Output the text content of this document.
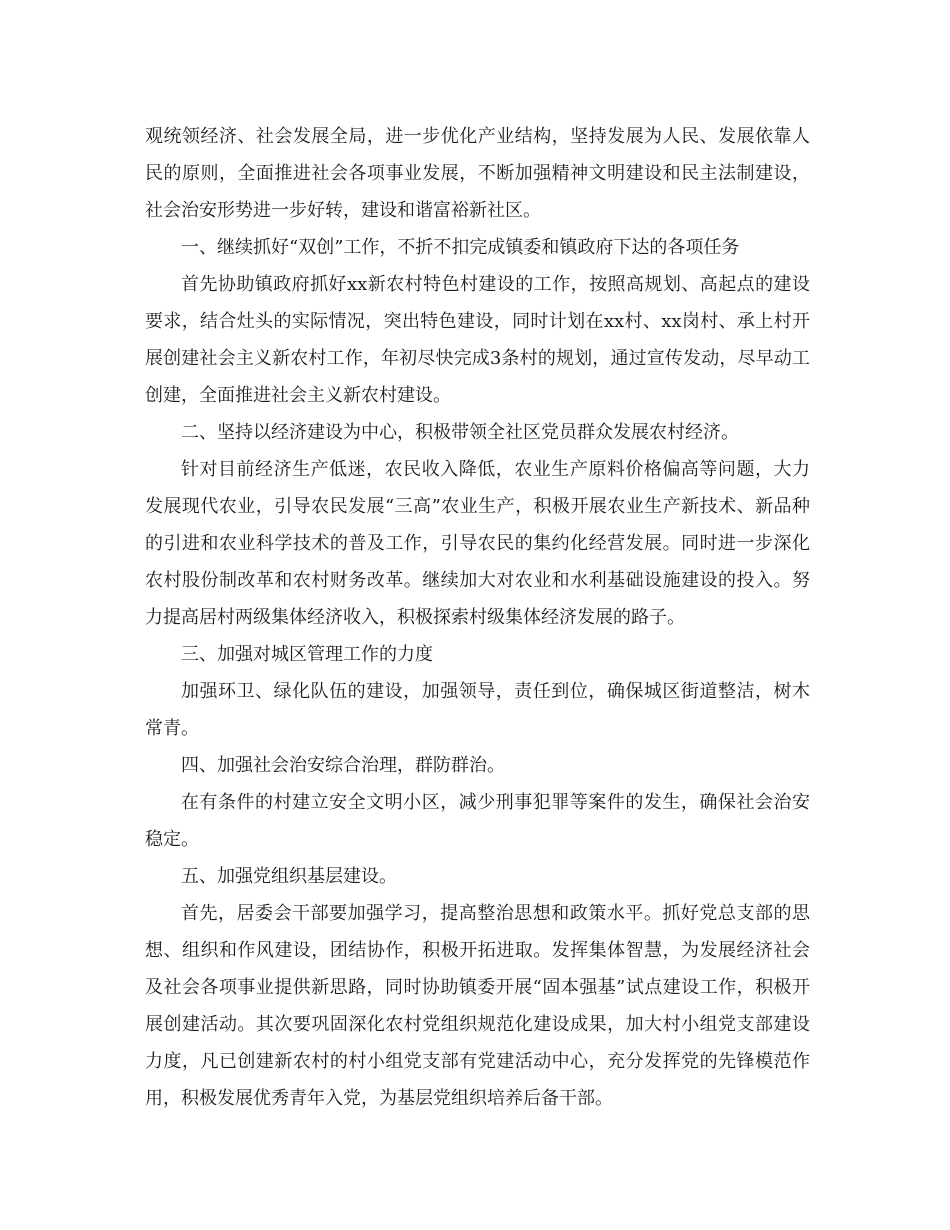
观统领经济、社会发展全局，进一步优化产业结构，坚持发展为人民、发展依靠人民的原则，全面推进社会各项事业发展，不断加强精神文明建设和民主法制建设，社会治安形势进一步好转，建设和谐富裕新社区。

一、继续抓好“双创”工作，不折不扣完成镇委和镇政府下达的各项任务

首先协助镇政府抓好xx新农村特色村建设的工作，按照高规划、高起点的建设要求，结合灶头的实际情况，突出特色建设，同时计划在xx村、xx岗村、承上村开展创建社会主义新农村工作，年初尽快完成3条村的规划，通过宣传发动，尽早动工创建，全面推进社会主义新农村建设。

二、坚持以经济建设为中心，积极带领全社区党员群众发展农村经济。

针对目前经济生产低迷，农民收入降低，农业生产原料价格偏高等问题，大力发展现代农业，引导农民发展“三高”农业生产，积极开展农业生产新技术、新品种的引进和农业科学技术的普及工作，引导农民的集约化经营发展。同时进一步深化农村股份制改革和农村财务改革。继续加大对农业和水利基础设施建设的投入。努力提高居村两级集体经济收入，积极探索村级集体经济发展的路子。

三、加强对城区管理工作的力度

加强环卫、绿化队伍的建设，加强领导，责任到位，确保城区街道整洁，树木常青。

四、加强社会治安综合治理，群防群治。

在有条件的村建立安全文明小区，减少刑事犯罪等案件的发生，确保社会治安稳定。

五、加强党组织基层建设。

首先，居委会干部要加强学习，提高整治思想和政策水平。抓好党总支部的思想、组织和作风建设，团结协作，积极开拓进取。发挥集体智慧，为发展经济社会及社会各项事业提供新思路，同时协助镇委开展“固本强基”试点建设工作，积极开展创建活动。其次要巩固深化农村党组织规范化建设成果，加大村小组党支部建设力度，凡已创建新农村的村小组党支部有党建活动中心，充分发挥党的先锋模范作用，积极发展优秀青年入党，为基层党组织培养后备干部。
